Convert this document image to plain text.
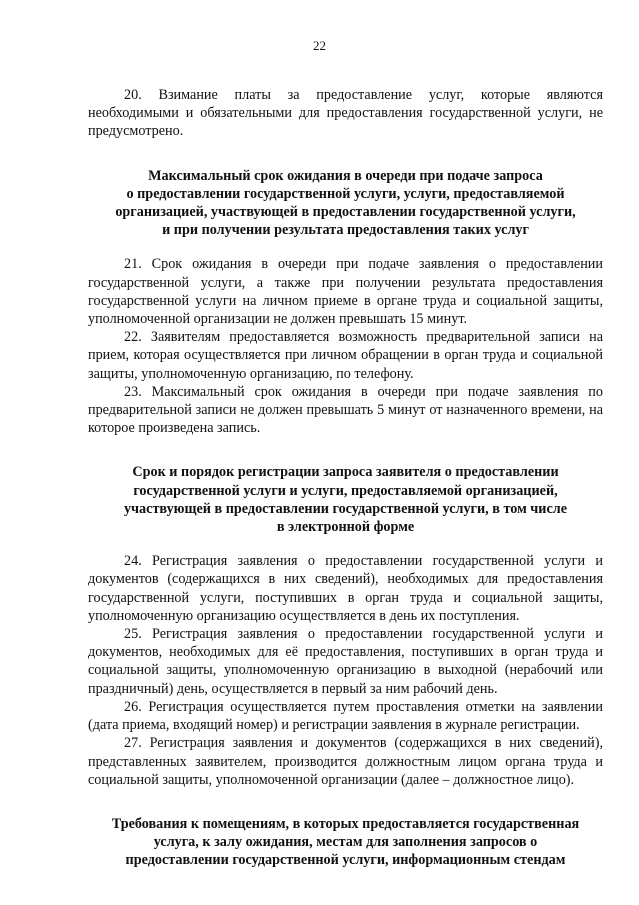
22

20. Взимание платы за предоставление услуг, которые являются необходимыми и обязательными для предоставления государственной услуги, не предусмотрено.

Максимальный срок ожидания в очереди при подаче запроса
о предоставлении государственной услуги, услуги, предоставляемой
организацией, участвующей в предоставлении государственной услуги,
и при получении результата предоставления таких услуг

21. Срок ожидания в очереди при подаче заявления о предоставлении государственной услуги, а также при получении результата предоставления государственной услуги на личном приеме в органе труда и социальной защиты, уполномоченной организации не должен превышать 15 минут.

22. Заявителям предоставляется возможность предварительной записи на прием, которая осуществляется при личном обращении в орган труда и социальной защиты, уполномоченную организацию, по телефону.

23. Максимальный срок ожидания в очереди при подаче заявления по предварительной записи не должен превышать 5 минут от назначенного времени, на которое произведена запись.

Срок и порядок регистрации запроса заявителя о предоставлении
государственной услуги и услуги, предоставляемой организацией,
участвующей в предоставлении государственной услуги, в том числе
в электронной форме

24. Регистрация заявления о предоставлении государственной услуги и документов (содержащихся в них сведений), необходимых для предоставления государственной услуги, поступивших в орган труда и социальной защиты, уполномоченную организацию осуществляется в день их поступления.

25. Регистрация заявления о предоставлении государственной услуги и документов, необходимых для её предоставления, поступивших в орган труда и социальной защиты, уполномоченную организацию в выходной (нерабочий или праздничный) день, осуществляется в первый за ним рабочий день.

26. Регистрация осуществляется путем проставления отметки на заявлении (дата приема, входящий номер) и регистрации заявления в журнале регистрации.

27. Регистрация заявления и документов (содержащихся в них сведений), представленных заявителем, производится должностным лицом органа труда и социальной защиты, уполномоченной организации (далее – должностное лицо).

Требования к помещениям, в которых предоставляется государственная
услуга, к залу ожидания, местам для заполнения запросов о
предоставлении государственной услуги, информационным стендам
